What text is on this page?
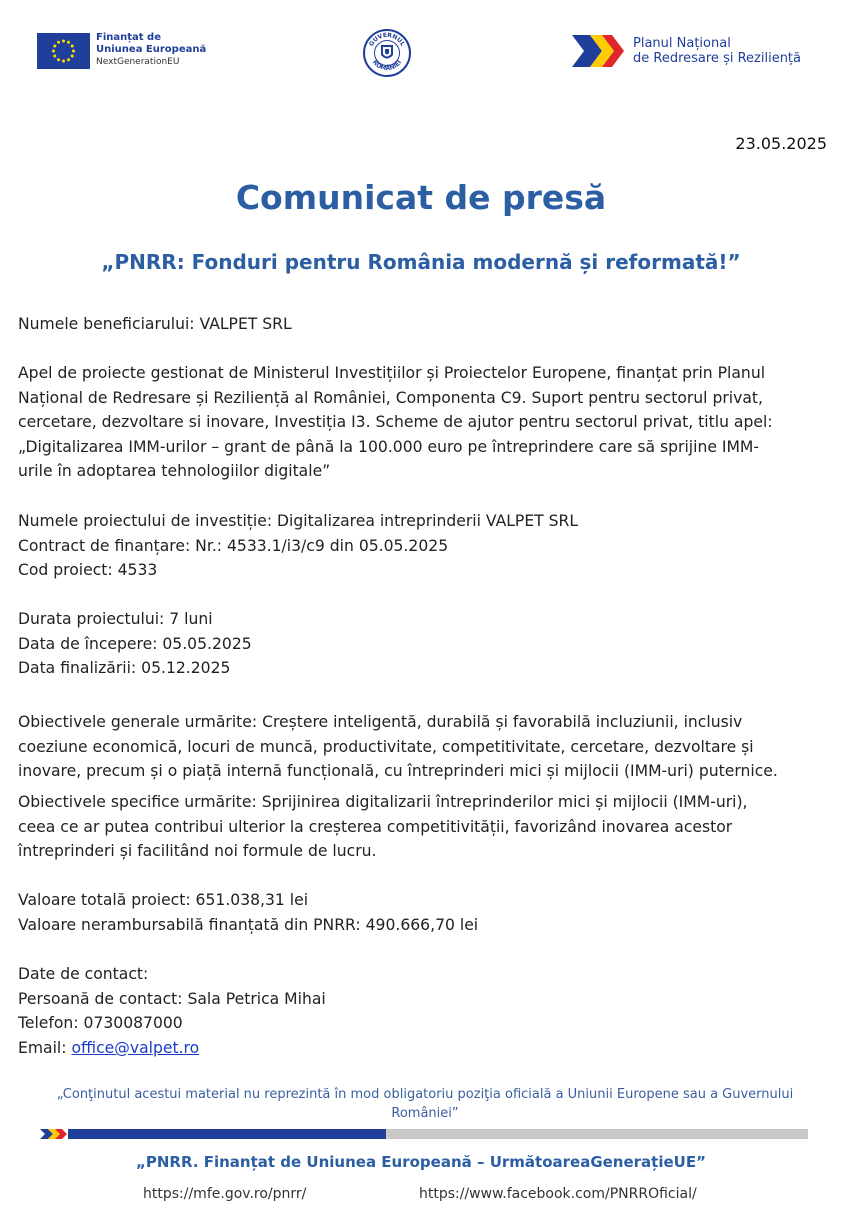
Finanțat de
Uniunea Europeană
NextGenerationEU
GUVERNUL
ROMÂNIEI
Planul Național
de Redresare și Reziliență
23.05.2025
Comunicat de presă
„PNRR: Fonduri pentru România modernă și reformată!”
Numele beneficiarului: VALPET SRL
Apel de proiecte gestionat de Ministerul Investițiilor și Proiectelor Europene, finanțat prin Planul
Național de Redresare și Reziliență al României, Componenta C9. Suport pentru sectorul privat,
cercetare, dezvoltare si inovare, Investiția I3. Scheme de ajutor pentru sectorul privat, titlu apel:
„Digitalizarea IMM-urilor – grant de până la 100.000 euro pe întreprindere care să sprijine IMM-
urile în adoptarea tehnologiilor digitale”
Numele proiectului de investiție: Digitalizarea intreprinderii VALPET SRL
Contract de finanțare: Nr.: 4533.1/i3/c9 din 05.05.2025
Cod proiect: 4533
Durata proiectului: 7 luni
Data de începere: 05.05.2025
Data finalizării: 05.12.2025
Obiectivele generale urmărite: Creștere inteligentă, durabilă și favorabilă incluziunii, inclusiv
coeziune economică, locuri de muncă, productivitate, competitivitate, cercetare, dezvoltare și
inovare, precum și o piață internă funcțională, cu întreprinderi mici și mijlocii (IMM-uri) puternice.
Obiectivele specifice urmărite: Sprijinirea digitalizarii întreprinderilor mici și mijlocii (IMM-uri),
ceea ce ar putea contribui ulterior la creșterea competitivității, favorizând inovarea acestor
întreprinderi și facilitând noi formule de lucru.
Valoare totală proiect: 651.038,31 lei
Valoare nerambursabilă finanțată din PNRR: 490.666,70 lei
Date de contact:
Persoană de contact: Sala Petrica Mihai
Telefon: 0730087000
Email: office@valpet.ro
„Conţinutul acestui material nu reprezintă în mod obligatoriu poziţia oficială a Uniunii Europene sau a Guvernului
României”
„PNRR. Finanțat de Uniunea Europeană – UrmătoareaGenerațieUE”
https://mfe.gov.ro/pnrr/	https://www.facebook.com/PNRROficial/
